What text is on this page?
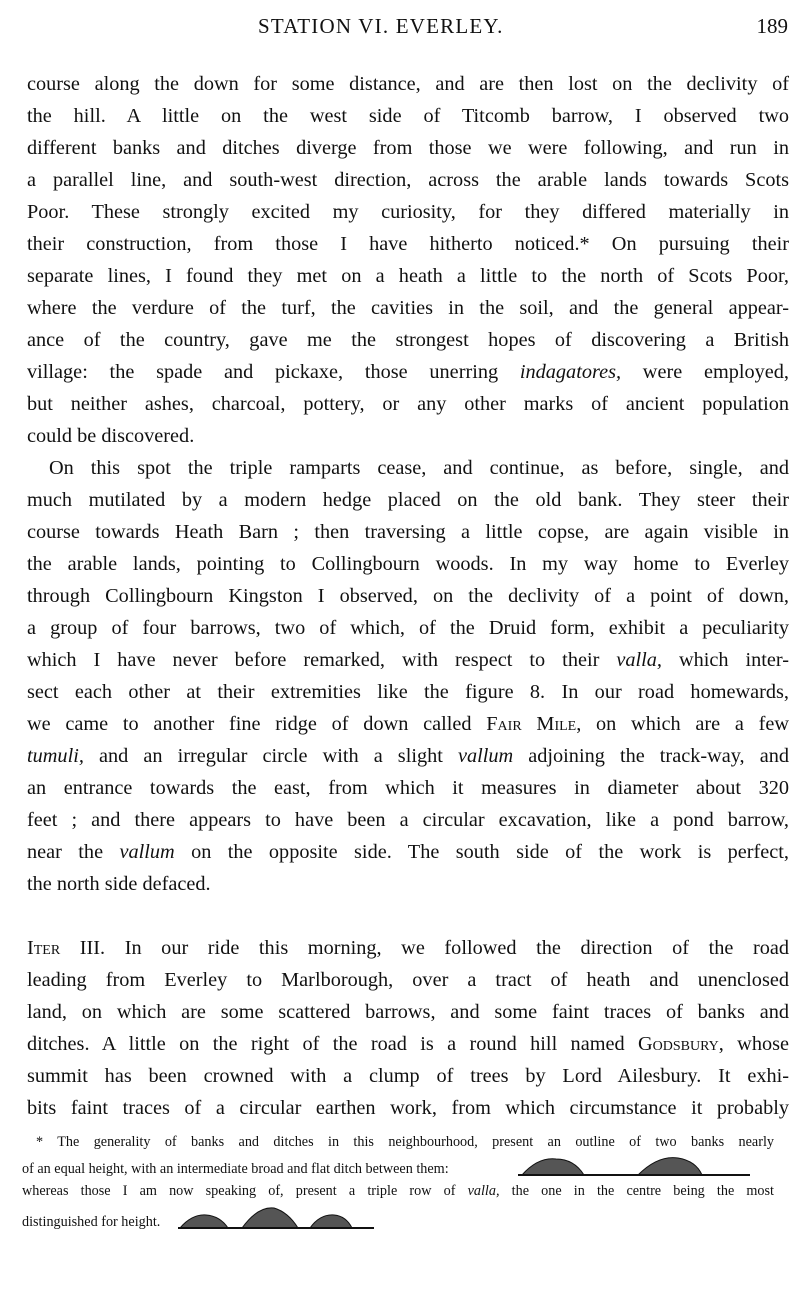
STATION VI. EVERLEY.	189
course along the down for some distance, and are then lost on the declivity of
the hill. A little on the west side of Titcomb barrow, I observed two
different banks and ditches diverge from those we were following, and run in
a parallel line, and south-west direction, across the arable lands towards Scots
Poor. These strongly excited my curiosity, for they differed materially in
their construction, from those I have hitherto noticed.* On pursuing their
separate lines, I found they met on a heath a little to the north of Scots Poor,
where the verdure of the turf, the cavities in the soil, and the general appear-
ance of the country, gave me the strongest hopes of discovering a British
village: the spade and pickaxe, those unerring indagatores, were employed,
but neither ashes, charcoal, pottery, or any other marks of ancient population
could be discovered.
On this spot the triple ramparts cease, and continue, as before, single, and
much mutilated by a modern hedge placed on the old bank. They steer their
course towards Heath Barn ; then traversing a little copse, are again visible in
the arable lands, pointing to Collingbourn woods. In my way home to Everley
through Collingbourn Kingston I observed, on the declivity of a point of down,
a group of four barrows, two of which, of the Druid form, exhibit a peculiarity
which I have never before remarked, with respect to their valla, which inter-
sect each other at their extremities like the figure 8. In our road homewards,
we came to another fine ridge of down called Fair Mile, on which are a few
tumuli, and an irregular circle with a slight vallum adjoining the track-way, and
an entrance towards the east, from which it measures in diameter about 320
feet ; and there appears to have been a circular excavation, like a pond barrow,
near the vallum on the opposite side. The south side of the work is perfect,
the north side defaced.
Iter III. In our ride this morning, we followed the direction of the road
leading from Everley to Marlborough, over a tract of heath and unenclosed
land, on which are some scattered barrows, and some faint traces of banks and
ditches. A little on the right of the road is a round hill named Godsbury, whose
summit has been crowned with a clump of trees by Lord Ailesbury. It exhi-
bits faint traces of a circular earthen work, from which circumstance it probably
* The generality of banks and ditches in this neighbourhood, present an outline of two banks nearly
of an equal height, with an intermediate broad and flat ditch between them:
whereas those I am now speaking of, present a triple row of valla, the one in the centre being the most
distinguished for height.
